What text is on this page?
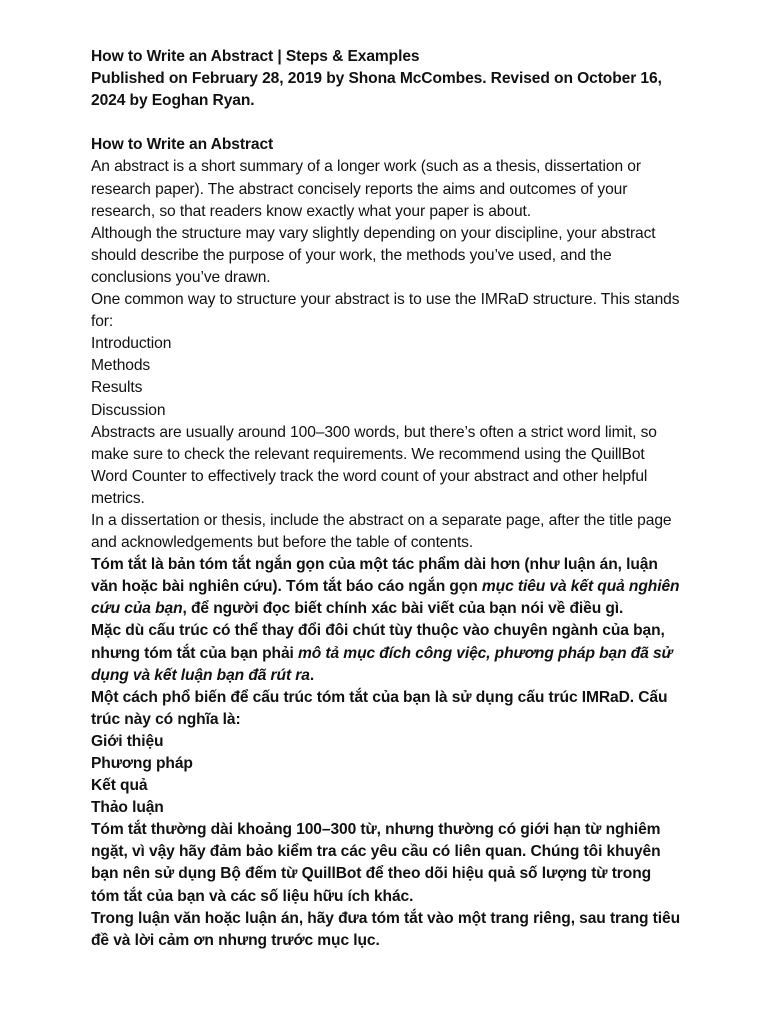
How to Write an Abstract | Steps & Examples

Published on February 28, 2019 by Shona McCombes. Revised on October 16, 2024 by Eoghan Ryan.

How to Write an Abstract

An abstract is a short summary of a longer work (such as a thesis, dissertation or research paper). The abstract concisely reports the aims and outcomes of your research, so that readers know exactly what your paper is about.

Although the structure may vary slightly depending on your discipline, your abstract should describe the purpose of your work, the methods you’ve used, and the conclusions you’ve drawn.

One common way to structure your abstract is to use the IMRaD structure. This stands for:

Introduction

Methods

Results

Discussion

Abstracts are usually around 100–300 words, but there’s often a strict word limit, so make sure to check the relevant requirements. We recommend using the QuillBot Word Counter to effectively track the word count of your abstract and other helpful metrics.

In a dissertation or thesis, include the abstract on a separate page, after the title page and acknowledgements but before the table of contents.

Tóm tắt là bản tóm tắt ngắn gọn của một tác phẩm dài hơn (như luận án, luận văn hoặc bài nghiên cứu). Tóm tắt báo cáo ngắn gọn mục tiêu và kết quả nghiên cứu của bạn, để người đọc biết chính xác bài viết của bạn nói về điều gì.

Mặc dù cấu trúc có thể thay đổi đôi chút tùy thuộc vào chuyên ngành của bạn, nhưng tóm tắt của bạn phải mô tả mục đích công việc, phương pháp bạn đã sử dụng và kết luận bạn đã rút ra.

Một cách phổ biến để cấu trúc tóm tắt của bạn là sử dụng cấu trúc IMRaD. Cấu trúc này có nghĩa là:

Giới thiệu

Phương pháp

Kết quả

Thảo luận

Tóm tắt thường dài khoảng 100–300 từ, nhưng thường có giới hạn từ nghiêm ngặt, vì vậy hãy đảm bảo kiểm tra các yêu cầu có liên quan. Chúng tôi khuyên bạn nên sử dụng Bộ đếm từ QuillBot để theo dõi hiệu quả số lượng từ trong tóm tắt của bạn và các số liệu hữu ích khác.

Trong luận văn hoặc luận án, hãy đưa tóm tắt vào một trang riêng, sau trang tiêu đề và lời cảm ơn nhưng trước mục lục.
